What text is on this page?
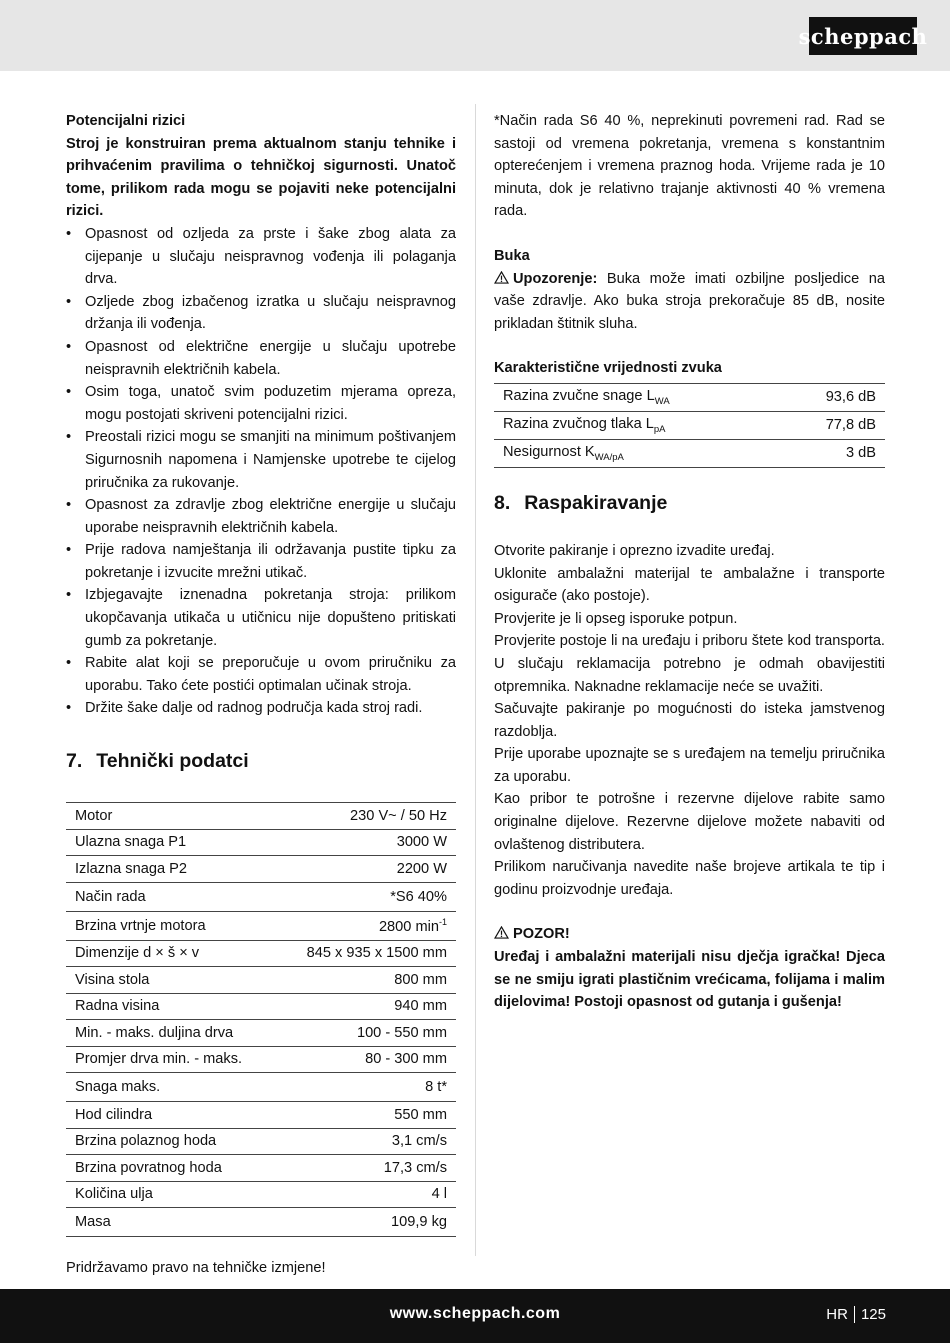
scheppach

Potencijalni rizici

Stroj je konstruiran prema aktualnom stanju tehnike i prihvaćenim pravilima o tehničkoj sigurnosti. Unatoč tome, prilikom rada mogu se pojaviti neke potencijalni rizici.

• Opasnost od ozljeda za prste i šake zbog alata za cijepanje u slučaju neispravnog vođenja ili polaganja drva.
• Ozljede zbog izbačenog izratka u slučaju neispravnog držanja ili vođenja.
• Opasnost od električne energije u slučaju upotrebe neispravnih električnih kabela.
• Osim toga, unatoč svim poduzetim mjerama opreza, mogu postojati skriveni potencijalni rizici.
• Preostali rizici mogu se smanjiti na minimum poštivanjem Sigurnosnih napomena i Namjenske upotrebe te cijelog priručnika za rukovanje.
• Opasnost za zdravlje zbog električne energije u slučaju uporabe neispravnih električnih kabela.
• Prije radova namještanja ili održavanja pustite tipku za pokretanje i izvucite mrežni utikač.
• Izbjegavajte iznenadna pokretanja stroja: prilikom ukopčavanja utikača u utičnicu nije dopušteno pritiskati gumb za pokretanje.
• Rabite alat koji se preporučuje u ovom priručniku za uporabu. Tako ćete postići optimalan učinak stroja.
• Držite šake dalje od radnog područja kada stroj radi.
7. Tehnički podatci
Motor	230 V~ / 50 Hz
Ulazna snaga P1	3000 W
Izlazna snaga P2	2200 W
Način rada	*S6 40%
Brzina vrtnje motora	2800 $\min^{-1}$
Dimenzije d × š × v	845 x 935 x 1500 mm
Visina stola	800 mm
Radna visina	940 mm
Min. - maks. duljina drva	100 - 550 mm
Promjer drva min. - maks.	80 - 300 mm
Snaga maks.	8 t*
Hod cilindra	550 mm
Brzina polaznog hoda	3,1 cm/s
Brzina povratnog hoda	17,3 cm/s
Količina ulja	4 l
Masa	109,9 kg

Pridržavamo pravo na tehničke izmjene!

*Način rada S6 40 %, neprekinuti povremeni rad. Rad se sastoji od vremena pokretanja, vremena s konstantnim opterećenjem i vremena praznog hoda. Vrijeme rada je 10 minuta, dok je relativno trajanje aktivnosti 40 % vremena rada.

Buka

Upozorenje: Buka može imati ozbiljne posljedice na vaše zdravlje. Ako buka stroja prekoračuje 85 dB, nosite prikladan štitnik sluha.

Karakteristične vrijednosti zvuka

Razina zvučne snage $L_{WA}$	93,6 dB
Razina zvučnog tlaka $L_{pA}$	77,8 dB
Nesigurnost $K_{WA/pA}$	3 dB
8. Raspakiravanje

Otvorite pakiranje i oprezno izvadite uređaj.

Uklonite ambalažni materijal te ambalažne i transporte osigurače (ako postoje).

Provjerite je li opseg isporuke potpun.

Provjerite postoje li na uređaju i priboru štete kod transporta. U slučaju reklamacija potrebno je odmah obavijestiti otpremnika. Naknadne reklamacije neće se uvažiti.

Sačuvajte pakiranje po mogućnosti do isteka jamstvenog razdoblja.

Prije uporabe upoznajte se s uređajem na temelju priručnika za uporabu.

Kao pribor te potrošne i rezervne dijelove rabite samo originalne dijelove. Rezervne dijelove možete nabaviti od ovlaštenog distributera.

Prilikom naručivanja navedite naše brojeve artikala te tip i godinu proizvodnje uređaja.

POZOR!

Uređaj i ambalažni materijali nisu dječja igračka! Djeca se ne smiju igrati plastičnim vrećicama, folijama i malim dijelovima! Postoji opasnost od gutanja i gušenja!

www.scheppach.com	HR 125
